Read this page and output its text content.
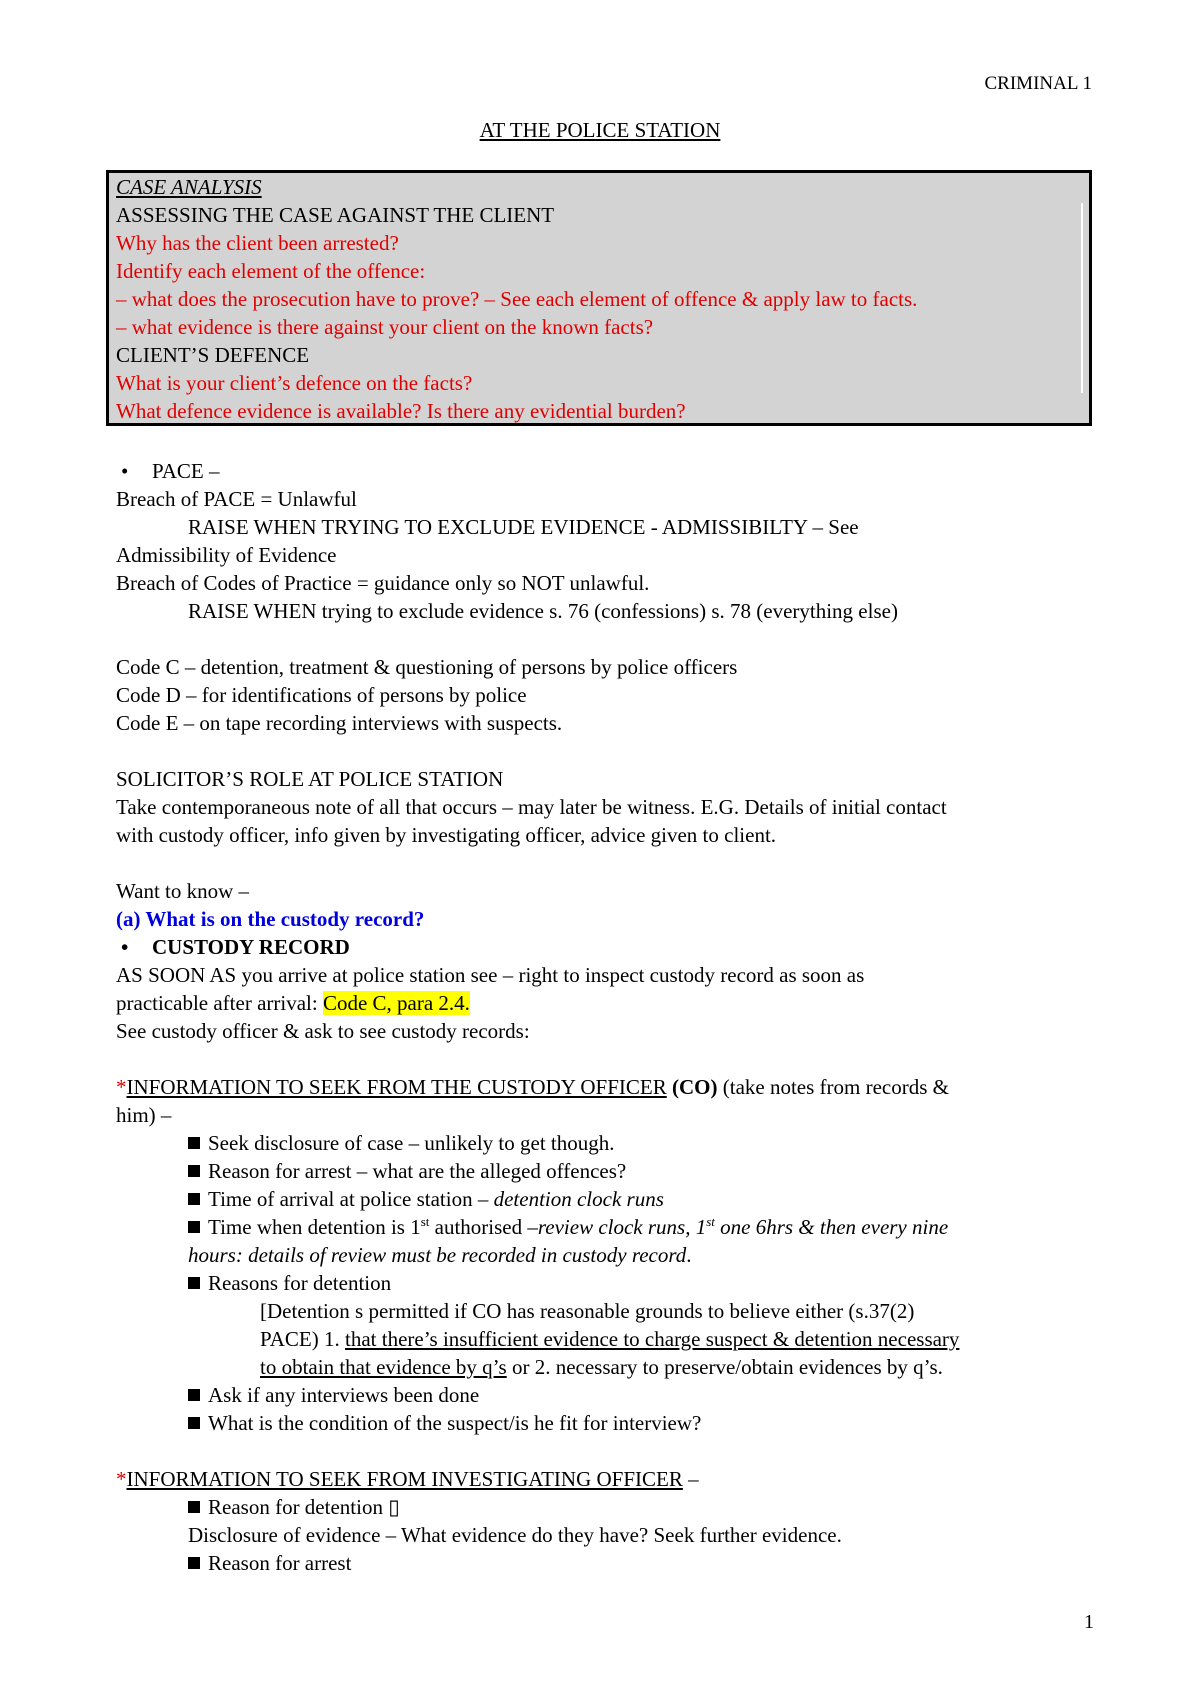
CRIMINAL 1
AT THE POLICE STATION
CASE ANALYSIS
ASSESSING THE CASE AGAINST THE CLIENT
Why has the client been arrested?
Identify each element of the offence:
– what does the prosecution have to prove? – See each element of offence & apply law to facts.
– what evidence is there against your client on the known facts?
CLIENT’S DEFENCE
What is your client’s defence on the facts?
What defence evidence is available? Is there any evidential burden?
• PACE –
Breach of PACE = Unlawful
RAISE WHEN TRYING TO EXCLUDE EVIDENCE - ADMISSIBILTY – See
Admissibility of Evidence
Breach of Codes of Practice = guidance only so NOT unlawful.
RAISE WHEN trying to exclude evidence s. 76 (confessions) s. 78 (everything else)
Code C – detention, treatment & questioning of persons by police officers
Code D – for identifications of persons by police
Code E – on tape recording interviews with suspects.
SOLICITOR’S ROLE AT POLICE STATION
Take contemporaneous note of all that occurs – may later be witness. E.G. Details of initial contact
with custody officer, info given by investigating officer, advice given to client.
Want to know –
(a) What is on the custody record?
• CUSTODY RECORD
AS SOON AS you arrive at police station see – right to inspect custody record as soon as
practicable after arrival: Code C, para 2.4.
See custody officer & ask to see custody records:
*INFORMATION TO SEEK FROM THE CUSTODY OFFICER (CO) (take notes from records &
him) –
Seek disclosure of case – unlikely to get though.
Reason for arrest – what are the alleged offences?
Time of arrival at police station – detention clock runs
Time when detention is 1st authorised –review clock runs, 1st one 6hrs & then every nine
hours: details of review must be recorded in custody record.
Reasons for detention
[Detention s permitted if CO has reasonable grounds to believe either (s.37(2)
PACE) 1. that there’s insufficient evidence to charge suspect & detention necessary
to obtain that evidence by q’s or 2. necessary to preserve/obtain evidences by q’s.
Ask if any interviews been done
What is the condition of the suspect/is he fit for interview?
*INFORMATION TO SEEK FROM INVESTIGATING OFFICER –
Reason for detention ▯
Disclosure of evidence – What evidence do they have? Seek further evidence.
Reason for arrest
1
